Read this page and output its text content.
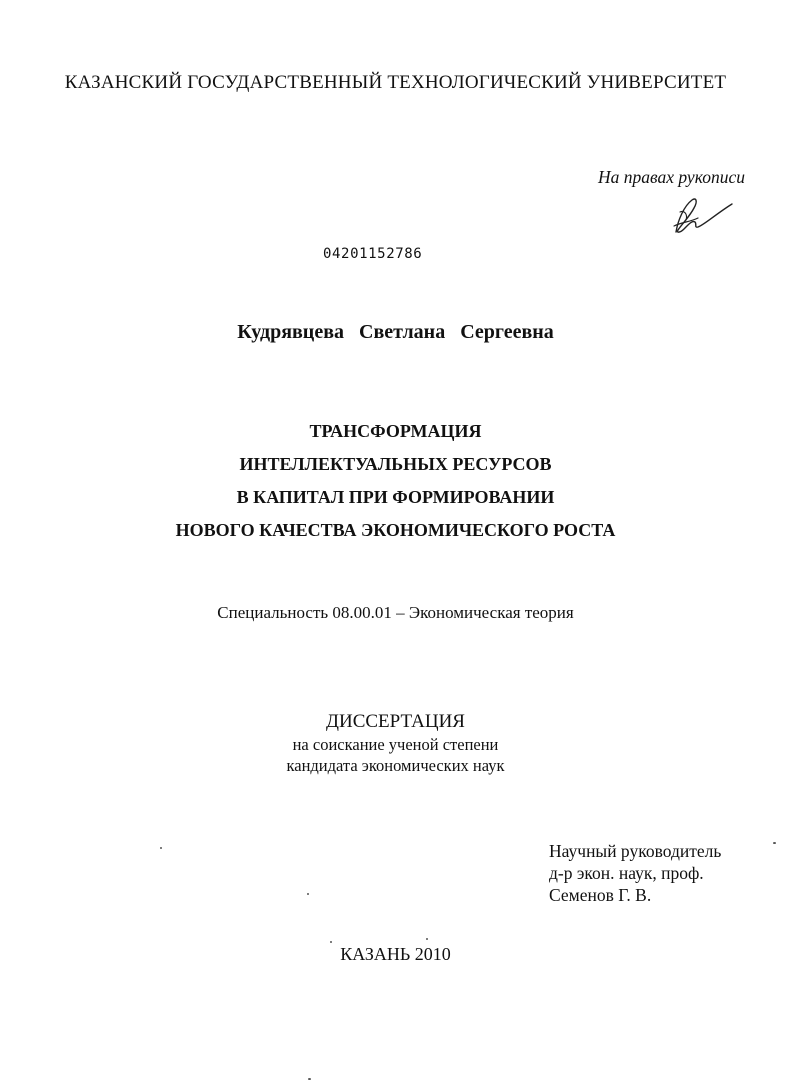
КАЗАНСКИЙ ГОСУДАРСТВЕННЫЙ ТЕХНОЛОГИЧЕСКИЙ УНИВЕРСИТЕТ
На правах рукописи
04201152786
Кудрявцева Светлана Сергеевна
ТРАНСФОРМАЦИЯ
ИНТЕЛЛЕКТУАЛЬНЫХ РЕСУРСОВ
В КАПИТАЛ ПРИ ФОРМИРОВАНИИ
НОВОГО КАЧЕСТВА ЭКОНОМИЧЕСКОГО РОСТА
Специальность 08.00.01 – Экономическая теория
ДИССЕРТАЦИЯ
на соискание ученой степени
кандидата экономических наук
Научный руководитель
д-р экон. наук, проф.
Семенов Г. В.
КАЗАНЬ 2010
